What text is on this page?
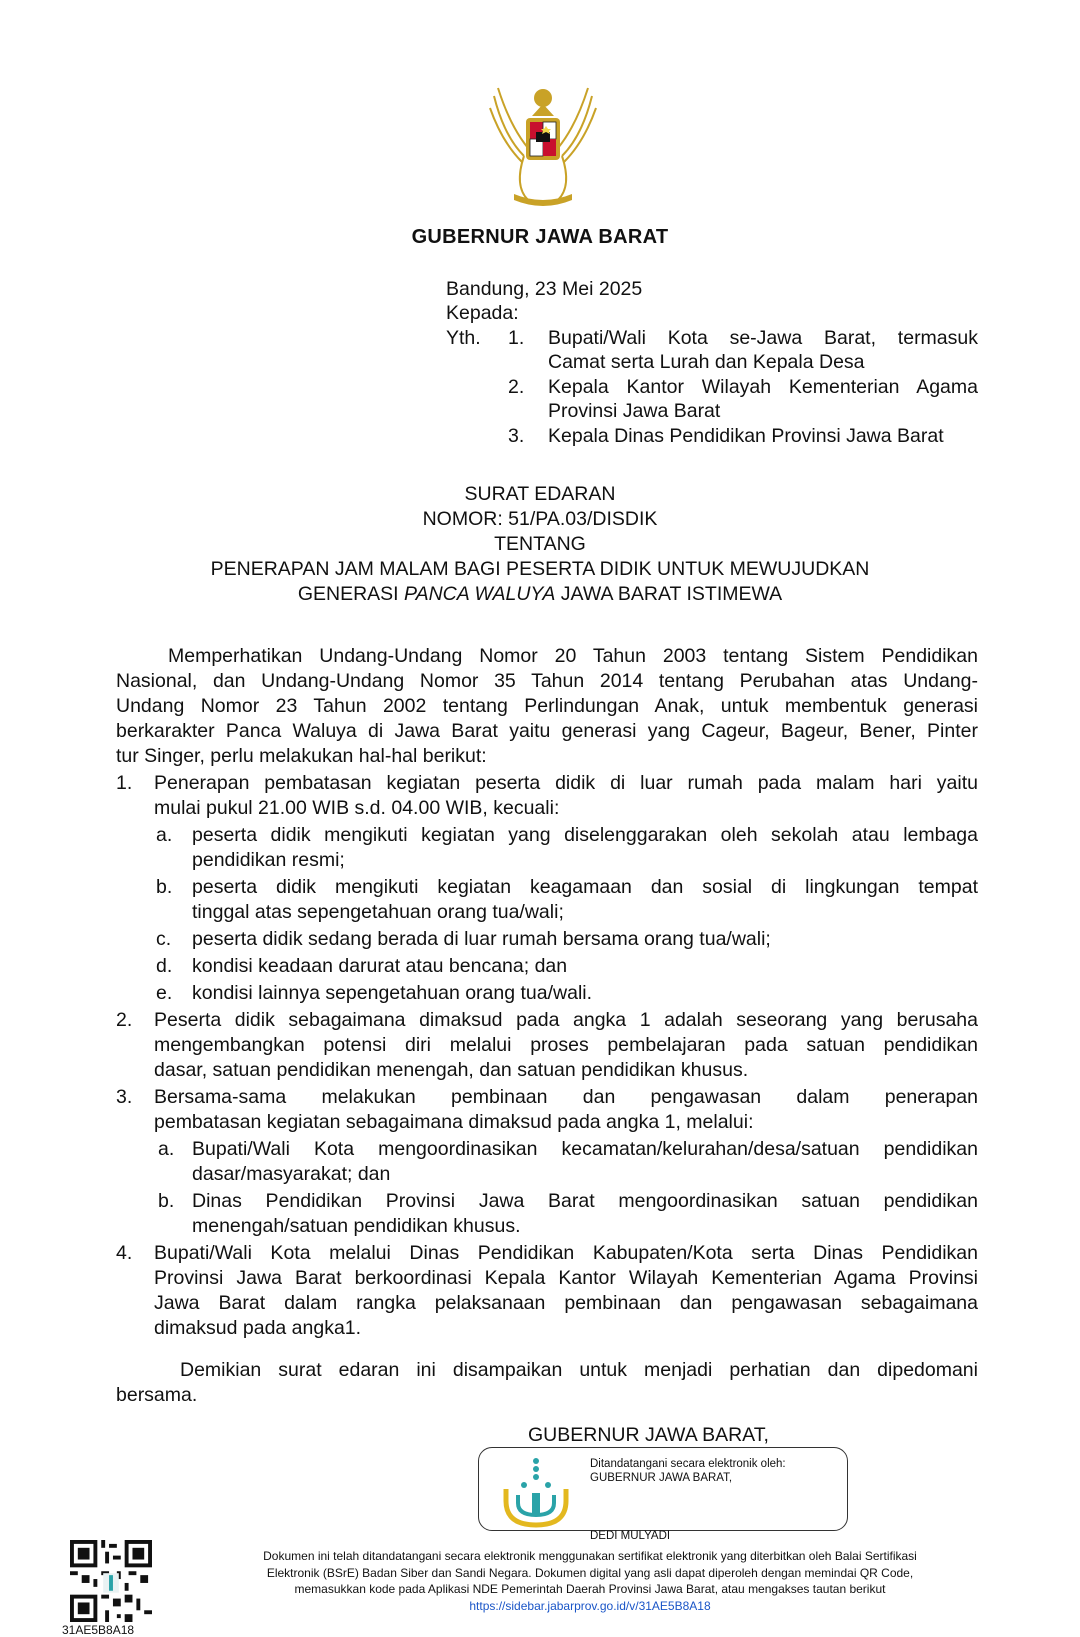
GUBERNUR JAWA BARAT
Bandung, 23 Mei 2025
Kepada:
Yth. 1. Bupati/Wali Kota se-Jawa Barat, termasuk
Camat serta Lurah dan Kepala Desa
2. Kepala Kantor Wilayah Kementerian Agama
Provinsi Jawa Barat
3. Kepala Dinas Pendidikan Provinsi Jawa Barat
SURAT EDARAN
NOMOR: 51/PA.03/DISDIK
TENTANG
PENERAPAN JAM MALAM BAGI PESERTA DIDIK UNTUK MEWUJUDKAN
GENERASI PANCA WALUYA JAWA BARAT ISTIMEWA
Memperhatikan Undang-Undang Nomor 20 Tahun 2003 tentang Sistem Pendidikan
Nasional, dan Undang-Undang Nomor 35 Tahun 2014 tentang Perubahan atas Undang-
Undang Nomor 23 Tahun 2002 tentang Perlindungan Anak, untuk membentuk generasi
berkarakter Panca Waluya di Jawa Barat yaitu generasi yang Cageur, Bageur, Bener, Pinter
tur Singer, perlu melakukan hal-hal berikut:
1. Penerapan pembatasan kegiatan peserta didik di luar rumah pada malam hari yaitu
mulai pukul 21.00 WIB s.d. 04.00 WIB, kecuali:
a. peserta didik mengikuti kegiatan yang diselenggarakan oleh sekolah atau lembaga
pendidikan resmi;
b. peserta didik mengikuti kegiatan keagamaan dan sosial di lingkungan tempat
tinggal atas sepengetahuan orang tua/wali;
c. peserta didik sedang berada di luar rumah bersama orang tua/wali;
d. kondisi keadaan darurat atau bencana; dan
e. kondisi lainnya sepengetahuan orang tua/wali.
2. Peserta didik sebagaimana dimaksud pada angka 1 adalah seseorang yang berusaha
mengembangkan potensi diri melalui proses pembelajaran pada satuan pendidikan
dasar, satuan pendidikan menengah, dan satuan pendidikan khusus.
3. Bersama-sama melakukan pembinaan dan pengawasan dalam penerapan
pembatasan kegiatan sebagaimana dimaksud pada angka 1, melalui:
a. Bupati/Wali Kota mengoordinasikan kecamatan/kelurahan/desa/satuan pendidikan
dasar/masyarakat; dan
b. Dinas Pendidikan Provinsi Jawa Barat mengoordinasikan satuan pendidikan
menengah/satuan pendidikan khusus.
4. Bupati/Wali Kota melalui Dinas Pendidikan Kabupaten/Kota serta Dinas Pendidikan
Provinsi Jawa Barat berkoordinasi Kepala Kantor Wilayah Kementerian Agama Provinsi
Jawa Barat dalam rangka pelaksanaan pembinaan dan pengawasan sebagaimana
dimaksud pada angka1.
Demikian surat edaran ini disampaikan untuk menjadi perhatian dan dipedomani
bersama.
GUBERNUR JAWA BARAT,
Ditandatangani secara elektronik oleh:
GUBERNUR JAWA BARAT,
DEDI MULYADI
31AE5B8A18
Dokumen ini telah ditandatangani secara elektronik menggunakan sertifikat elektronik yang diterbitkan oleh Balai Sertifikasi
Elektronik (BSrE) Badan Siber dan Sandi Negara. Dokumen digital yang asli dapat diperoleh dengan memindai QR Code,
memasukkan kode pada Aplikasi NDE Pemerintah Daerah Provinsi Jawa Barat, atau mengakses tautan berikut
https://sidebar.jabarprov.go.id/v/31AE5B8A18
